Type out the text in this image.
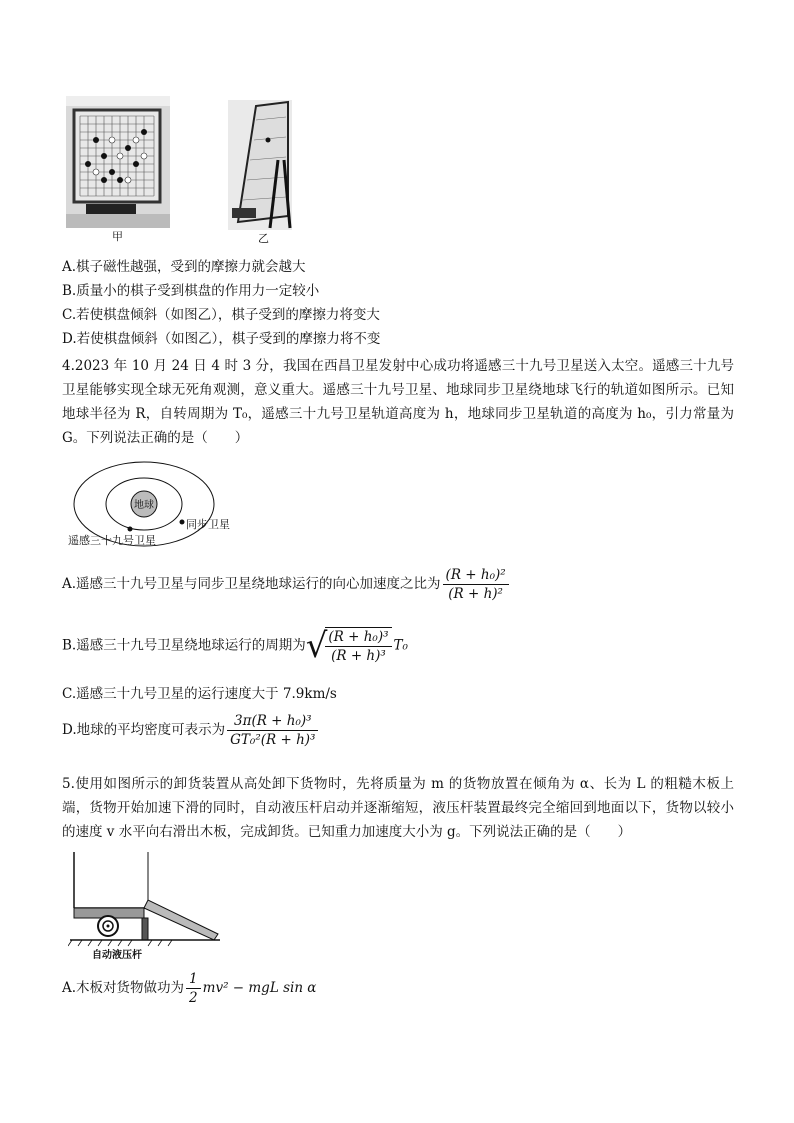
甲	乙
A.棋子磁性越强，受到的摩擦力就会越大
B.质量小的棋子受到棋盘的作用力一定较小
C.若使棋盘倾斜（如图乙），棋子受到的摩擦力将变大
D.若使棋盘倾斜（如图乙），棋子受到的摩擦力将不变
4.2023 年 10 月 24 日 4 时 3 分，我国在西昌卫星发射中心成功将遥感三十九号卫星送入太空。遥感三十九号卫星能够实现全球无死角观测，意义重大。遥感三十九号卫星、地球同步卫星绕地球飞行的轨道如图所示。已知地球半径为 R，自转周期为 T₀，遥感三十九号卫星轨道高度为 h，地球同步卫星轨道的高度为 h₀，引力常量为 G。下列说法正确的是（　　）
地球
同步卫星
遥感三十九号卫星
A.遥感三十九号卫星与同步卫星绕地球运行的向心加速度之比为 $\frac{\text{(R + h₀)²}}{\text{(R + h)²}}$
B.遥感三十九号卫星绕地球运行的周期为√
$\frac{\text{(R + h₀)³}}{\text{(R + h)³}} T_0$
C.遥感三十九号卫星的运行速度大于 7.9km/s
D.地球的平均密度可表示为 $\frac{\text{3π(R + h₀)³}}{\text{GT₀²(R + h)³}}$
5.使用如图所示的卸货装置从高处卸下货物时，先将质量为 m 的货物放置在倾角为 α、长为 L 的粗糙木板上端，货物开始加速下滑的同时，自动液压杆启动并逐渐缩短，液压杆装置最终完全缩回到地面以下，货物以较小的速度 v 水平向右滑出木板，完成卸货。已知重力加速度大小为 g。下列说法正确的是（　　）
自动液压杆
A.木板对货物做功为 $\frac{1}{2} mv^2$ − mgL sin α
